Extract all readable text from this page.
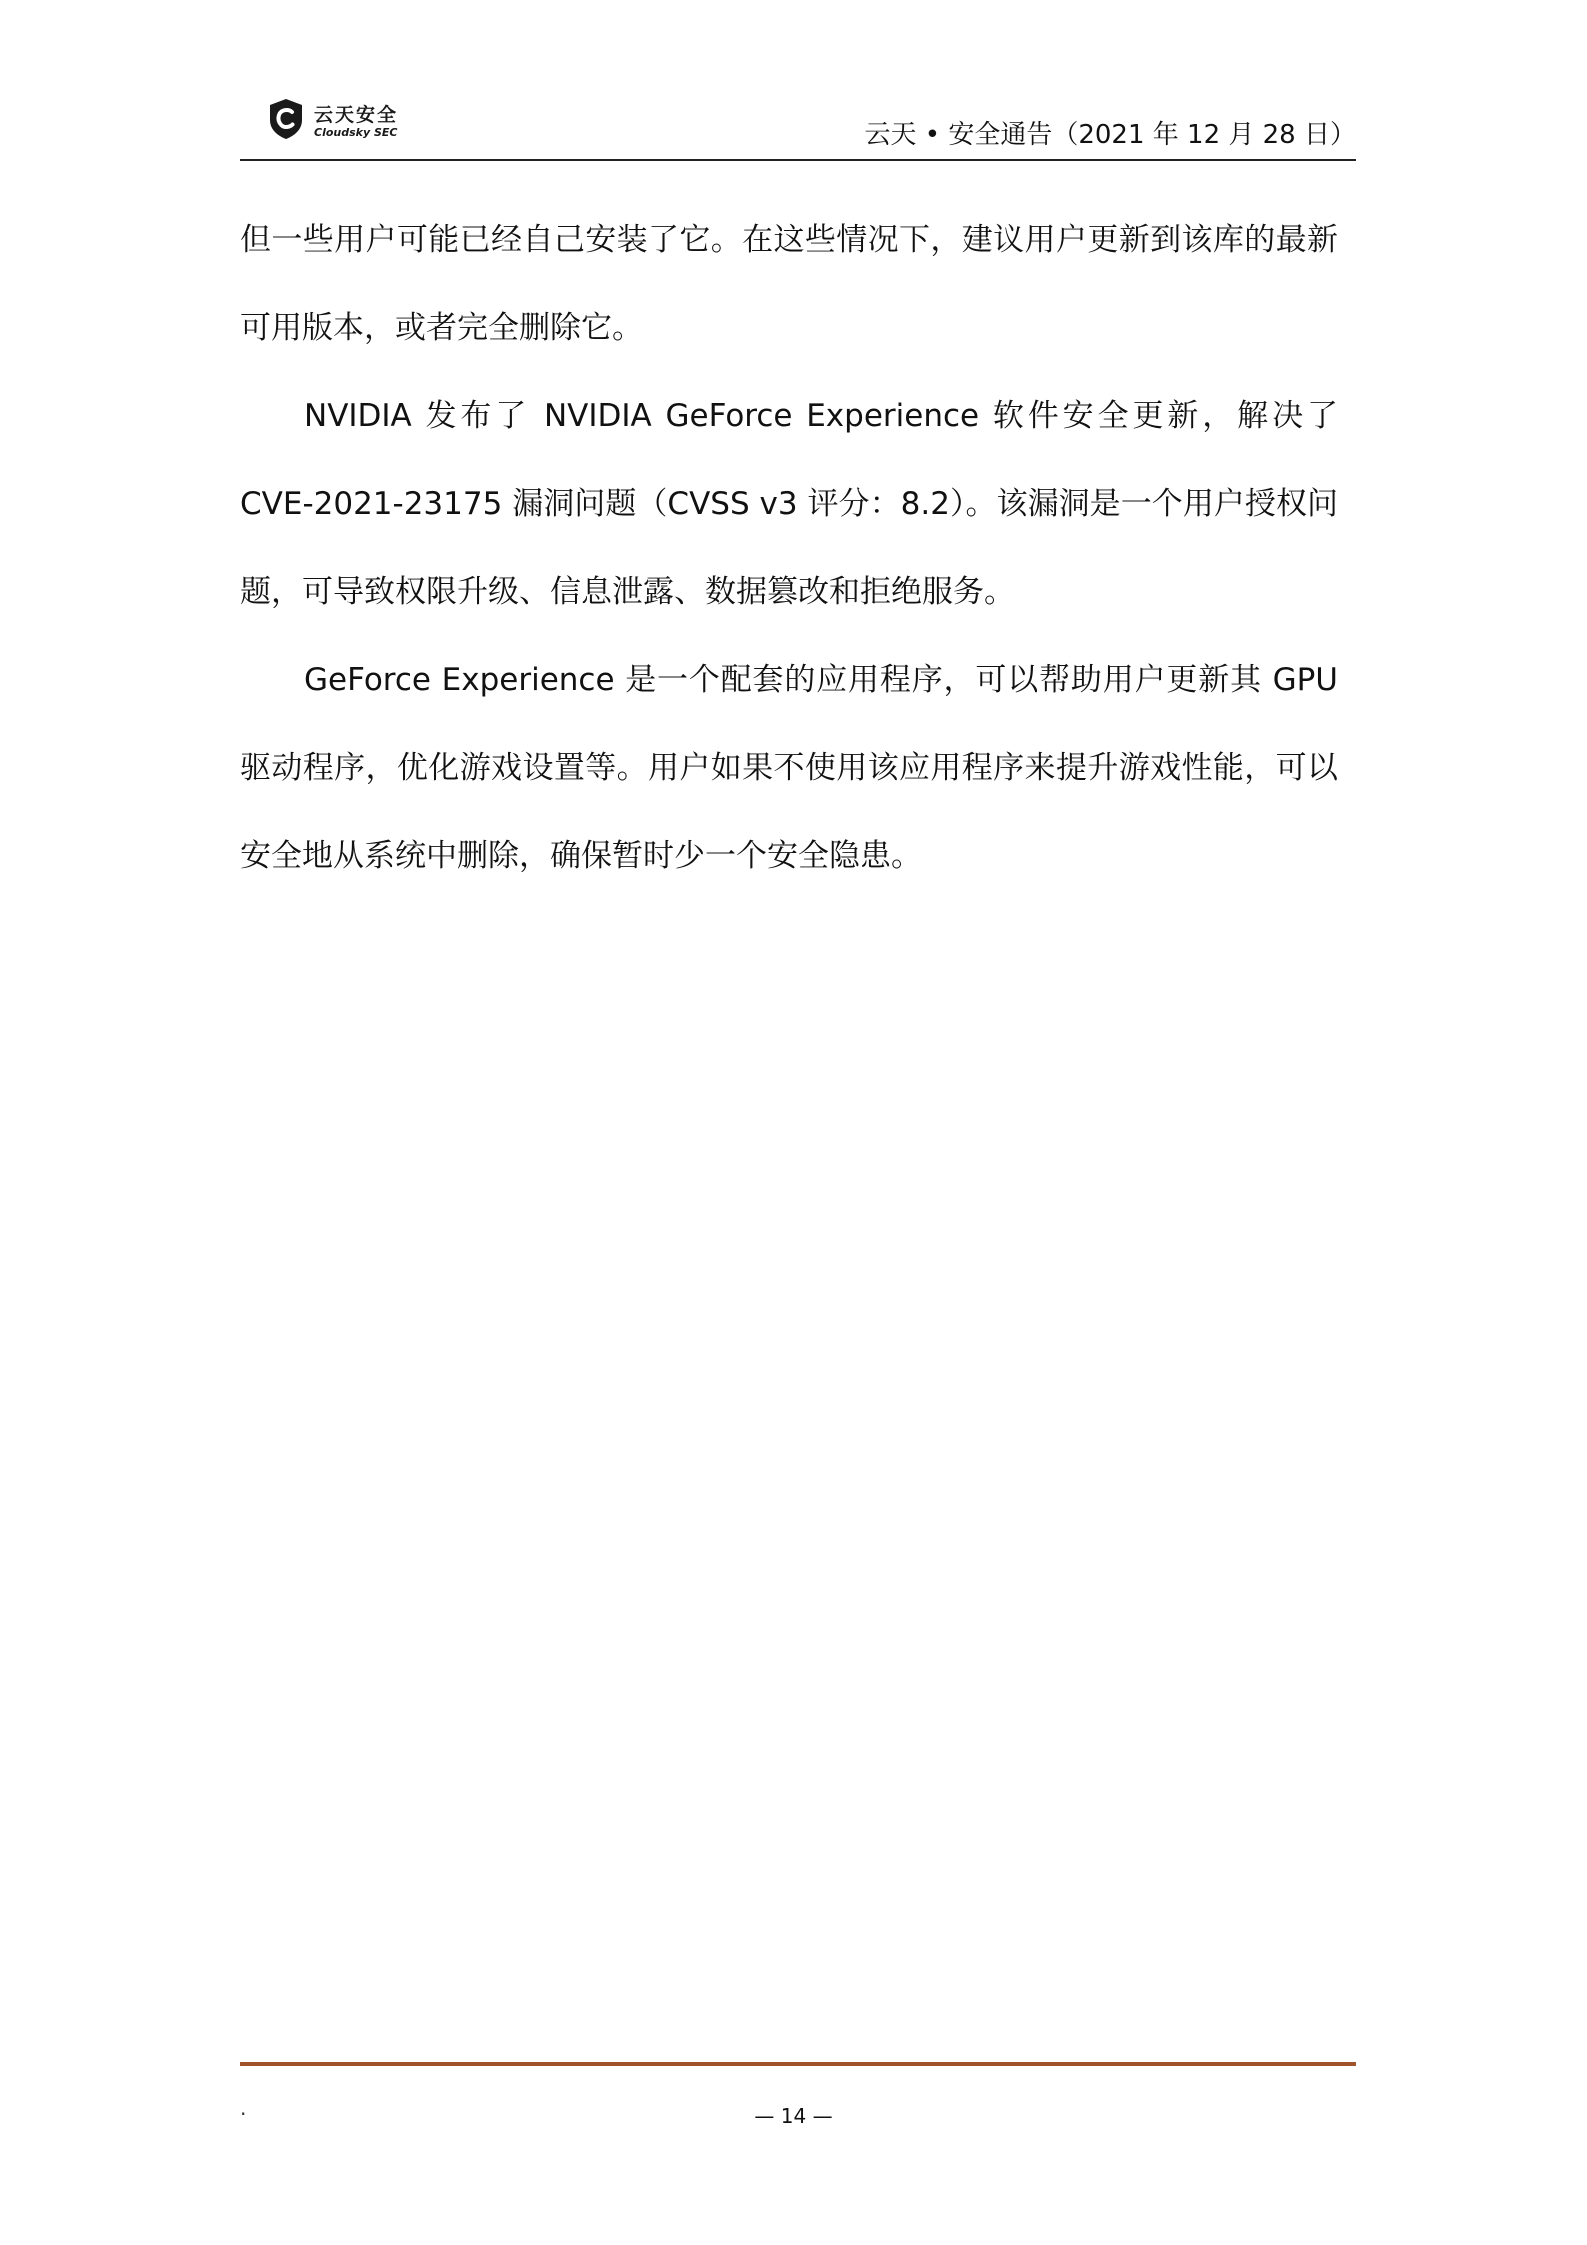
云天安全
Cloudsky SEC	云天 • 安全通告（2021 年 12 月 28 日）

但一些用户可能已经自己安装了它。在这些情况下，建议用户更新到该库的最新可用版本，或者完全删除它。

NVIDIA 发布了 NVIDIA GeForce Experience 软件安全更新，解决了 CVE-2021-23175 漏洞问题（CVSS v3 评分：8.2）。该漏洞是一个用户授权问题，可导致权限升级、信息泄露、数据篡改和拒绝服务。

GeForce Experience 是一个配套的应用程序，可以帮助用户更新其 GPU 驱动程序，优化游戏设置等。用户如果不使用该应用程序来提升游戏性能，可以安全地从系统中删除，确保暂时少一个安全隐患。

.	— 14 —
